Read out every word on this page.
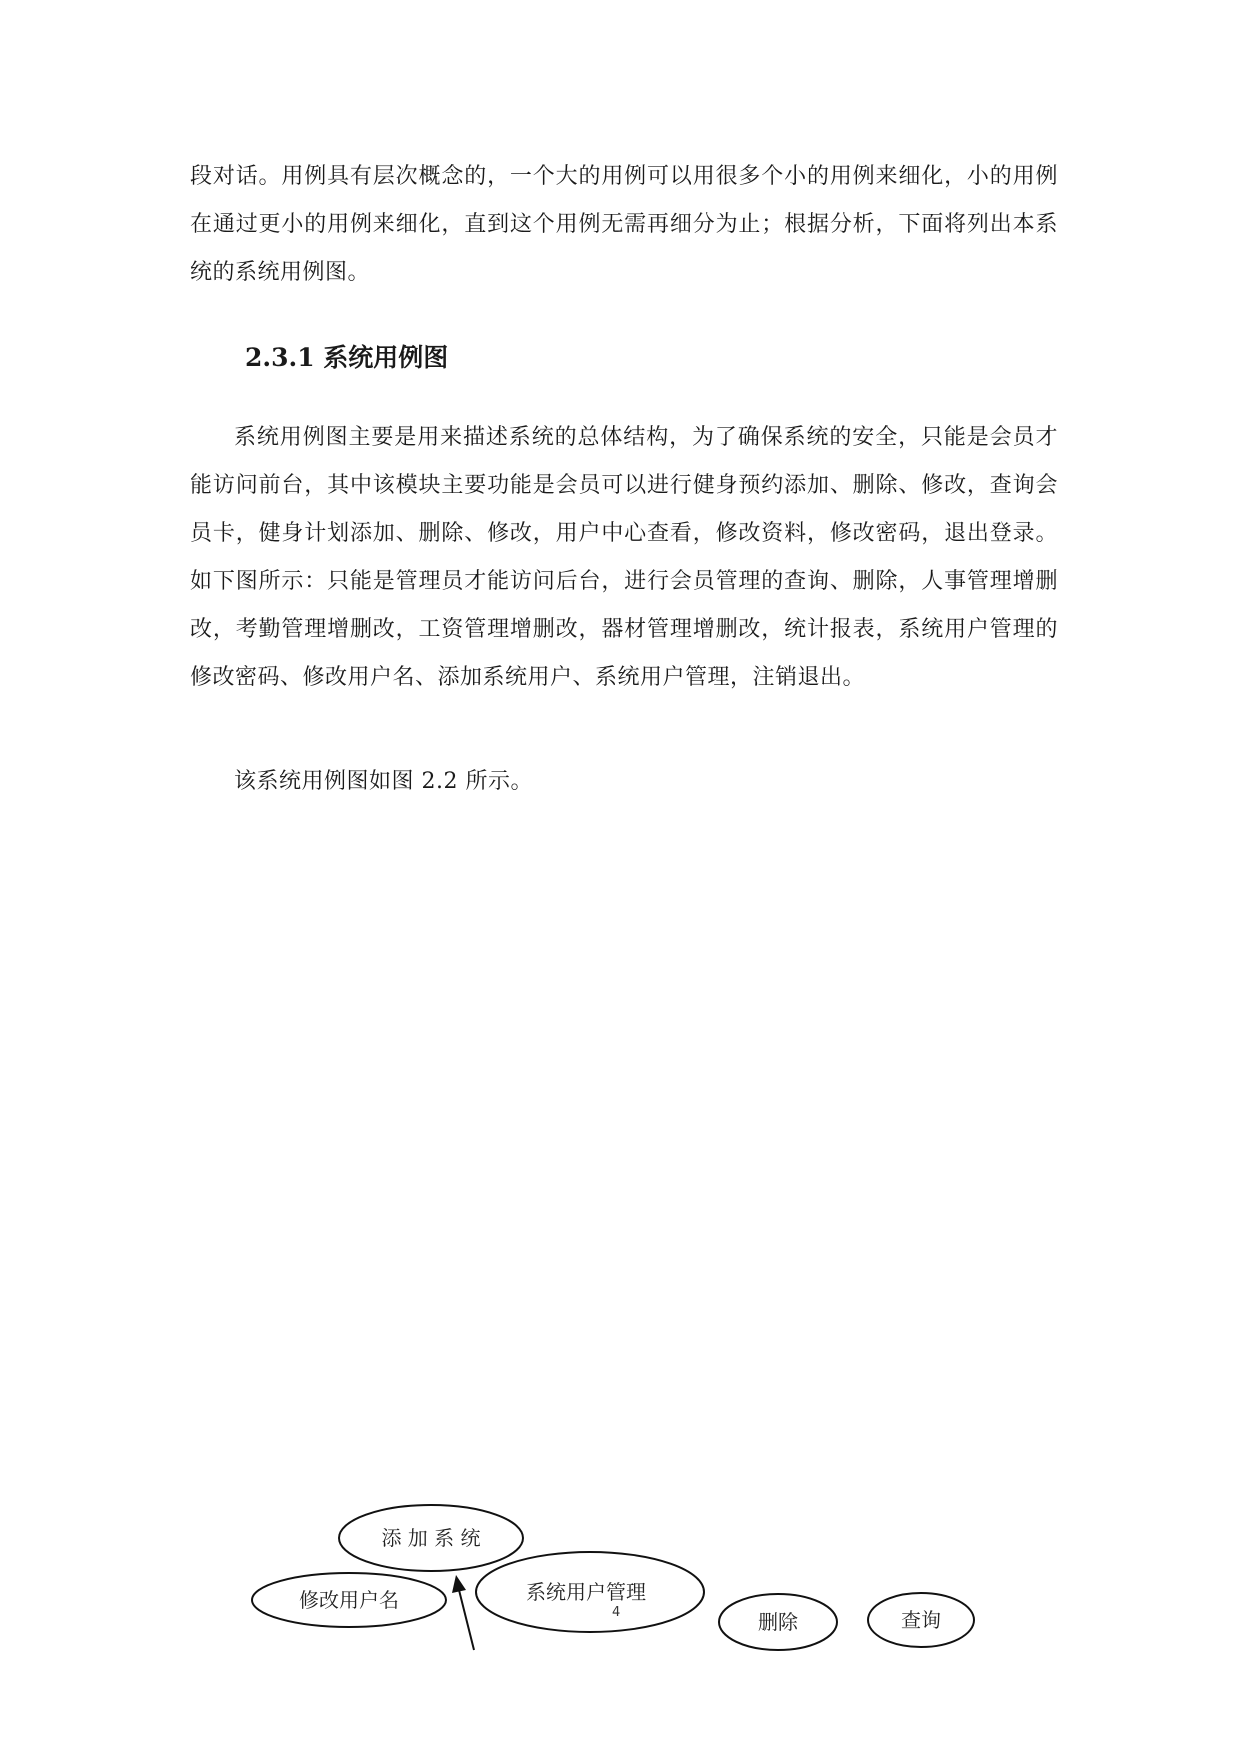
段对话。用例具有层次概念的，一个大的用例可以用很多个小的用例来细化，小的用例在通过更小的用例来细化，直到这个用例无需再细分为止；根据分析，下面将列出本系统的系统用例图。

2.3.1 系统用例图

系统用例图主要是用来描述系统的总体结构，为了确保系统的安全，只能是会员才能访问前台，其中该模块主要功能是会员可以进行健身预约添加、删除、修改，查询会员卡，健身计划添加、删除、修改，用户中心查看，修改资料，修改密码，退出登录。如下图所示：只能是管理员才能访问后台，进行会员管理的查询、删除，人事管理增删改，考勤管理增删改，工资管理增删改，器材管理增删改，统计报表，系统用户管理的修改密码、修改用户名、添加系统用户、系统用户管理，注销退出。

该系统用例图如图 2.2 所示。

添 加 系 统
修改用户名	系统用户管理
删除	查询
4
